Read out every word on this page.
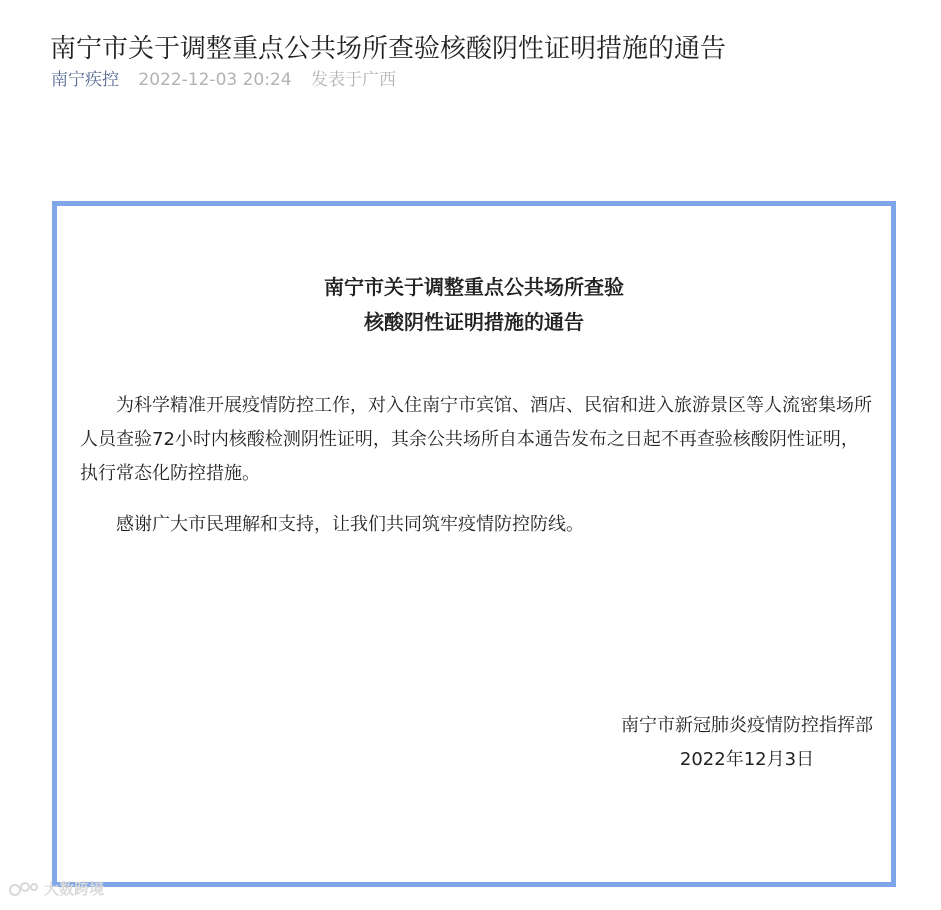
南宁市关于调整重点公共场所查验核酸阴性证明措施的通告
南宁疾控 2022-12-03 20:24 发表于广西
南宁市关于调整重点公共场所查验
核酸阴性证明措施的通告

为科学精准开展疫情防控工作，对入住南宁市宾馆、酒店、民宿和进入旅游景区等人流密集场所人员查验72小时内核酸检测阴性证明，其余公共场所自本通告发布之日起不再查验核酸阴性证明，执行常态化防控措施。

感谢广大市民理解和支持，让我们共同筑牢疫情防控防线。

南宁市新冠肺炎疫情防控指挥部
2022年12月3日
大数跨境
